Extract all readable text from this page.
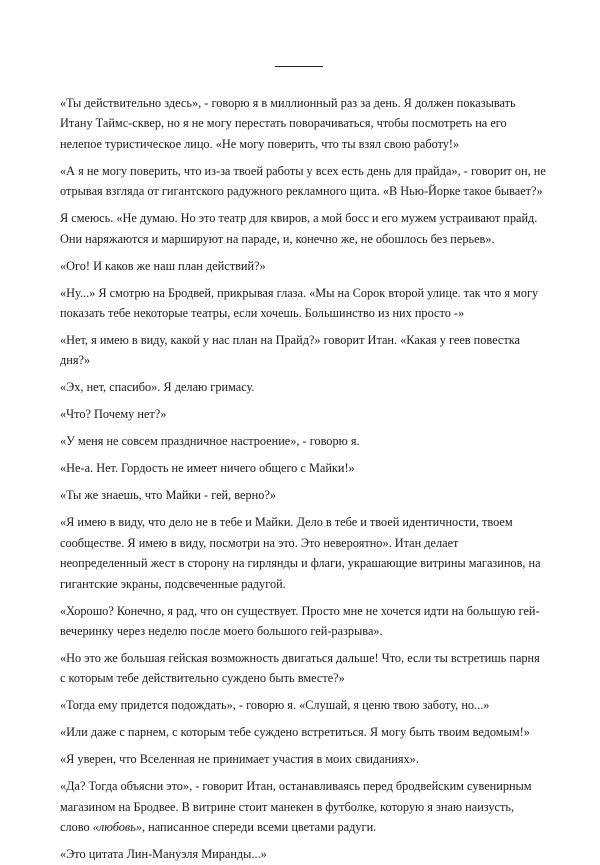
«Ты действительно здесь», - говорю я в миллионный раз за день. Я должен показывать Итану Таймс-сквер, но я не могу перестать поворачиваться, чтобы посмотреть на его нелепое туристическое лицо. «Не могу поверить, что ты взял свою работу!»

«А я не могу поверить, что из-за твоей работы у всех есть день для прайда», - говорит он, не отрывая взгляда от гигантского радужного рекламного щита. «В Нью-Йорке такое бывает?»

Я смеюсь. «Не думаю. Но это театр для квиров, а мой босс и его мужем устраивают прайд. Они наряжаются и маршируют на параде, и, конечно же, не обошлось без перьев».

«Ого! И каков же наш план действий?»

«Ну...» Я смотрю на Бродвей, прикрывая глаза. «Мы на Сорок второй улице. так что я могу показать тебе некоторые театры, если хочешь. Большинство из них просто -»

«Нет, я имею в виду, какой у нас план на Прайд?» говорит Итан. «Какая у геев повестка дня?»

«Эх, нет, спасибо». Я делаю гримасу.

«Что? Почему нет?»

«У меня не совсем праздничное настроение», - говорю я.

«Не-а. Нет. Гордость не имеет ничего общего с Майки!»

«Ты же знаешь, что Майки - гей, верно?»

«Я имею в виду, что дело не в тебе и Майки. Дело в тебе и твоей идентичности, твоем сообществе. Я имею в виду, посмотри на это. Это невероятно». Итан делает неопределенный жест в сторону на гирлянды и флаги, украшающие витрины магазинов, на гигантские экраны, подсвеченные радугой.

«Хорошо? Конечно, я рад, что он существует. Просто мне не хочется идти на большую гей-вечеринку через неделю после моего большого гей-разрыва».

«Но это же большая гейская возможность двигаться дальше! Что, если ты встретишь парня с которым тебе действительно суждено быть вместе?»

«Тогда ему придется подождать», - говорю я. «Слушай, я ценю твою заботу, но...»

«Или даже с парнем, с которым тебе суждено встретиться. Я могу быть твоим ведомым!»

«Я уверен, что Вселенная не принимает участия в моих свиданиях».

«Да? Тогда объясни это», - говорит Итан, останавливаясь перед бродвейским сувенирным магазином на Бродвее. В витрине стоит манекен в футболке, которую я знаю наизусть, слово «любовь», написанное спереди всеми цветами радуги.

«Это цитата Лин-Мануэля Миранды...»
